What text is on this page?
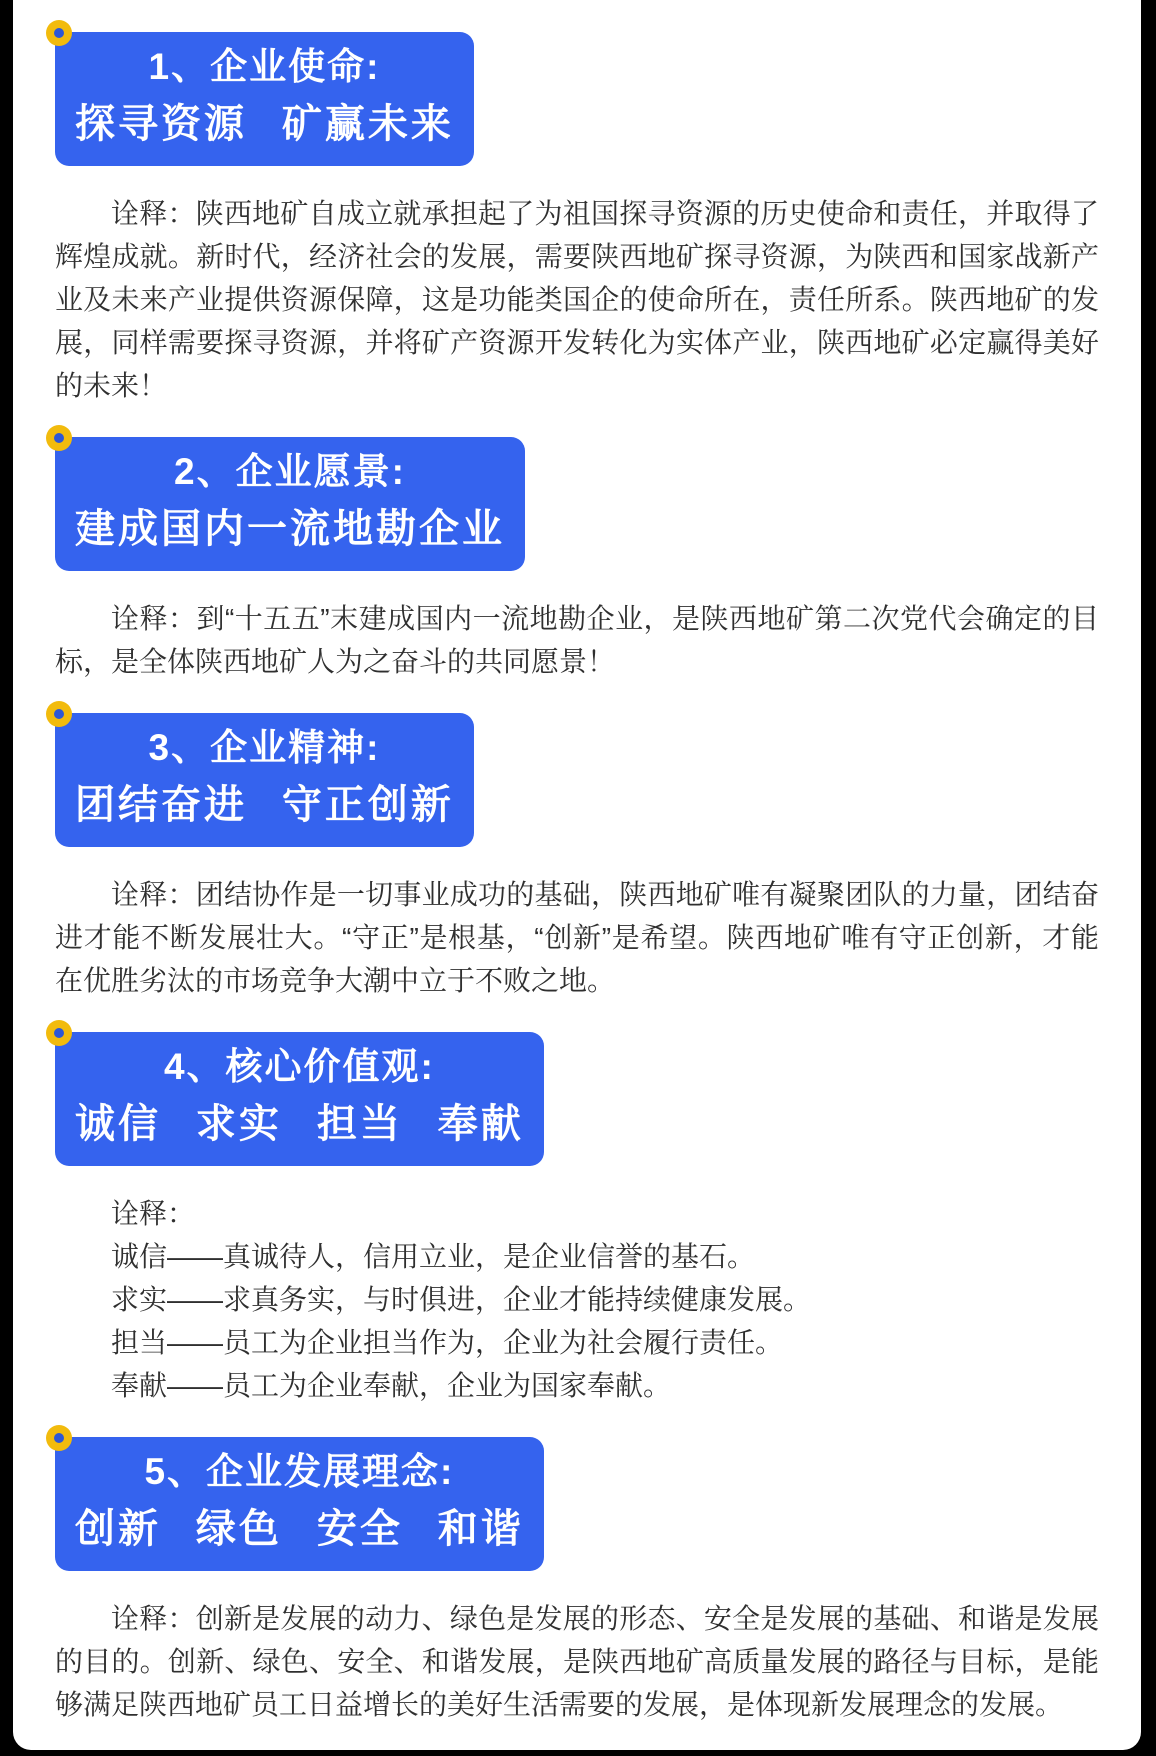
1、企业使命:
探寻资源 矿赢未来

诠释：陕西地矿自成立就承担起了为祖国探寻资源的历史使命和责任，并取得了辉煌成就。新时代，经济社会的发展，需要陕西地矿探寻资源，为陕西和国家战新产业及未来产业提供资源保障，这是功能类国企的使命所在，责任所系。陕西地矿的发展，同样需要探寻资源，并将矿产资源开发转化为实体产业，陕西地矿必定赢得美好的未来！

2、企业愿景:
建成国内一流地勘企业

诠释：到“十五五”末建成国内一流地勘企业，是陕西地矿第二次党代会确定的目标，是全体陕西地矿人为之奋斗的共同愿景！

3、企业精神:
团结奋进 守正创新

诠释：团结协作是一切事业成功的基础，陕西地矿唯有凝聚团队的力量，团结奋进才能不断发展壮大。“守正”是根基，“创新”是希望。陕西地矿唯有守正创新，才能在优胜劣汰的市场竞争大潮中立于不败之地。

4、核心价值观:
诚信 求实 担当 奉献

诠释：

诚信——真诚待人，信用立业，是企业信誉的基石。

求实——求真务实，与时俱进，企业才能持续健康发展。

担当——员工为企业担当作为，企业为社会履行责任。

奉献——员工为企业奉献，企业为国家奉献。

5、企业发展理念:
创新 绿色 安全 和谐

诠释：创新是发展的动力、绿色是发展的形态、安全是发展的基础、和谐是发展的目的。创新、绿色、安全、和谐发展，是陕西地矿高质量发展的路径与目标，是能够满足陕西地矿员工日益增长的美好生活需要的发展，是体现新发展理念的发展。
